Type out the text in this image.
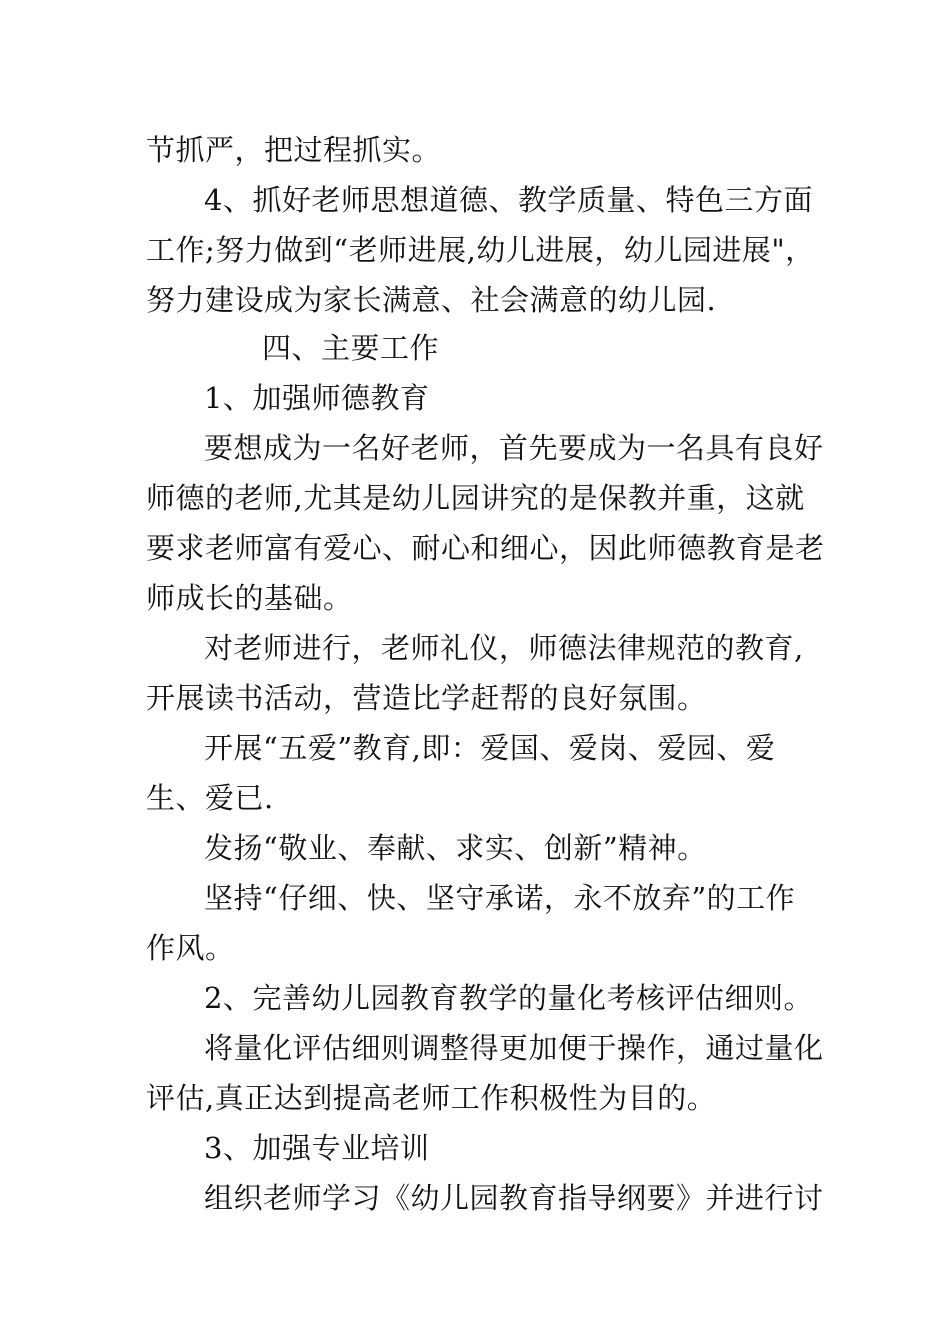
节抓严，把过程抓实。
4、抓好老师思想道德、教学质量、特色三方面
工作;努力做到“老师进展,幼儿进展，幼儿园进展"，
努力建设成为家长满意、社会满意的幼儿园.
四、主要工作
1、加强师德教育
要想成为一名好老师，首先要成为一名具有良好
师德的老师,尤其是幼儿园讲究的是保教并重，这就
要求老师富有爱心、耐心和细心，因此师德教育是老
师成长的基础。
对老师进行，老师礼仪，师德法律规范的教育,
开展读书活动，营造比学赶帮的良好氛围。
开展“五爱”教育,即：爱国、爱岗、爱园、爱
生、爱已.
发扬“敬业、奉献、求实、创新”精神。
坚持“仔细、快、坚守承诺，永不放弃”的工作
作风。
2、完善幼儿园教育教学的量化考核评估细则。
将量化评估细则调整得更加便于操作，通过量化
评估,真正达到提高老师工作积极性为目的。
3、加强专业培训
组织老师学习《幼儿园教育指导纲要》并进行讨
